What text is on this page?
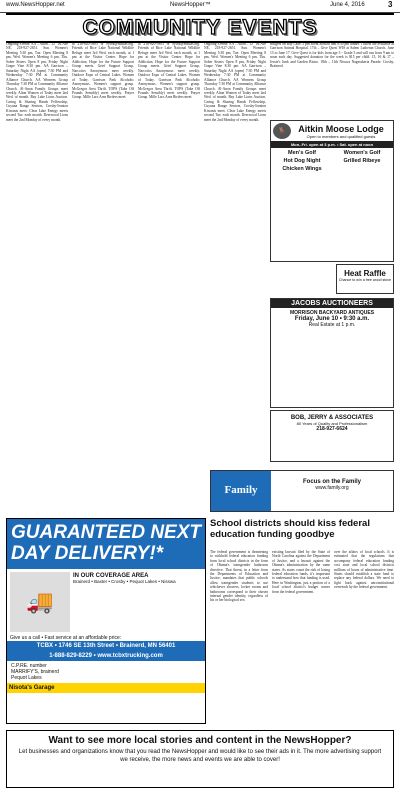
www.NewsHopper.net	NewsHopper™	June 4, 2016	3
COMMUNITY EVENTS
Ongoing Events: AA – Alton – 12" 1st Ave NE, 218-927-2651. Sun. Women's Meeting 5:30 pm, Tue. Open Meeting 8 pm, Wed. Women's Meeting 6 pm, Thu. Sober Sisters Open 8 pm, Friday Night Grape Vine 8:30 pm. AA Garrison – Saturday Night AA (open) 7:30 PM and Wednesday 7:30 PM at Community Alliance Church. AA Womens Group Thursday 7:30 PM at Community Alliance Church. Al-Anon Family Groups meet weekly. Alton Women of Today meet 2nd Wed. of month. Bay Lake Lions Auction. Caring & Sharing Hands Fellowship, Cuyuna Range Seniors, Crosby-Ironton Kiwanis meet. Clear Lake Energy meets second Tue. each month. Deerwood Lions meet the 2nd Monday of every month.
at 218-820-5903 or eyork@midlas.org. Friends of Rice Lake National Wildlife Refuge meet 3rd Wed. each month, at 1 pm at the Visitor Center. Hope for Addiction, Hope for the Future Support Group meets. Grief Support Group, Narcotics Anonymous meet weekly. Outdoor Expo of Central Lakes. Women of Today. Garrison Park Alcoholic Anonymous. Women's support group. McGregor Area Thrift. TOPS (Take Off Pounds Sensibly) meet weekly. Prayer Group. Mille Lacs Area Birders meet.
at 218-820-5903 or eyork@midlas.org. Friends of Rice Lake National Wildlife Refuge meet 3rd Wed. each month, at 1 pm at the Visitor Center. Hope for Addiction, Hope for the Future Support Group meets. Grief Support Group, Narcotics Anonymous meet weekly. Outdoor Expo of Central Lakes. Women of Today. Garrison Park Alcoholic Anonymous. Women's support group. McGregor Area Thrift. TOPS (Take Off Pounds Sensibly) meet weekly. Prayer Group. Mille Lacs Area Birders meet.
Ongoing Events: AA – Alton – 12" 1st Ave NE, 218-927-2651. Sun. Women's Meeting 5:30 pm, Tue. Open Meeting 8 pm, Wed. Women's Meeting 6 pm, Thu. Sober Sisters Open 8 pm, Friday Night Grape Vine 8:30 pm. AA Garrison – Saturday Night AA (open) 7:30 PM and Wednesday 7:30 PM at Community Alliance Church. AA Womens Group Thursday 7:30 PM at Community Alliance Church. Al-Anon Family Groups meet weekly. Alton Women of Today meet 2nd Wed. of month. Bay Lake Lions Auction. Caring & Sharing Hands Fellowship, Cuyuna Range Seniors, Crosby-Ironton Kiwanis meet. Clear Lake Energy meets second Tue. each month. Deerwood Lions meet the 2nd Monday of every month.
Rutgers on Bay Lake, 5 pm silent auction and 6:30 pm dinner. Tickets are available at Garrison Animal Hospital. 17th – Give Quest WIS at Salem Lutheran Church. June 13 to June 17. Give Quest is for kids from age 3 - Grade 5 and will run from 9 am to noon each day. Suggested donation for the week is $15 per child. 15, 16 & 17 – Jessie's Junk and Garden Bistro. 18th – 11th Nisswa Nagerakeria Parade. Crosby, Brainerd.
🦌	Aitkin Moose Lodge
Open to members and qualified guests
Mon.-Fri. open at 3 p.m. • Sat. open at noon
Men's Golf	Women's Golf
Hot Dog Night	Grilled Ribeye
Chicken Wings
Heat Raffle
Chance to win a free wood stove
JACOBS AUCTIONEERS
MORRISON BACKYARD ANTIQUES
Friday, June 10 • 9:30 a.m.
Real Estate at 1 p.m.
BOB, JERRY & ASSOCIATES
80 Years of Quality and Professionalism
218-927-6624
Family
Focus on the Family
www.family.org
GUARANTEED NEXT DAY DELIVERY!*
🚚
IN OUR COVERAGE AREA
Brainerd • Baxter • Crosby • Pequot Lakes • Nisswa
Give us a call • Fast service at an affordable price:
TCBX • 1746 SE 13th Street • Brainerd, MN 56401
1-888-829-8229 • www.tcbxtrucking.com
C.P.RE. number
MARRIFY'S, brainerd
Pequot Lakes
Nisota's Garage
School districts should kiss federal education funding goodbye
The federal government is threatening to withhold federal education funding from local school districts in the form of Obama's transgender bathroom directive. That threat, in a letter from the Departments of Education and Justice, mandates that public schools allow transgender students to use whichever showers, locker rooms and bathrooms correspond to their chosen internal gender identity, regardless of his or her biological sex.
existing lawsuit filed by the State of North Carolina against the Department of Justice, and a lawsuit against the Obama's administration by the same states. As states count the risk of losing federal education funds, it's important to understand how that funding is used. Here in Washington, just a portion of a local school district's budget comes from the federal government.
over the affairs of local schools. It is estimated that the regulations that accompany federal education funding cost state and local school districts millions of hours of administrative time. States should establish a state fund to replace any federal dollars. We need to fight back against unconstitutional overreach by the federal government.
Want to see more local stories and content in the NewsHopper?
Let businesses and organizations know that you read the NewsHopper and would like to see their ads in it. The more advertising support we receive, the more news and events we are able to cover!
